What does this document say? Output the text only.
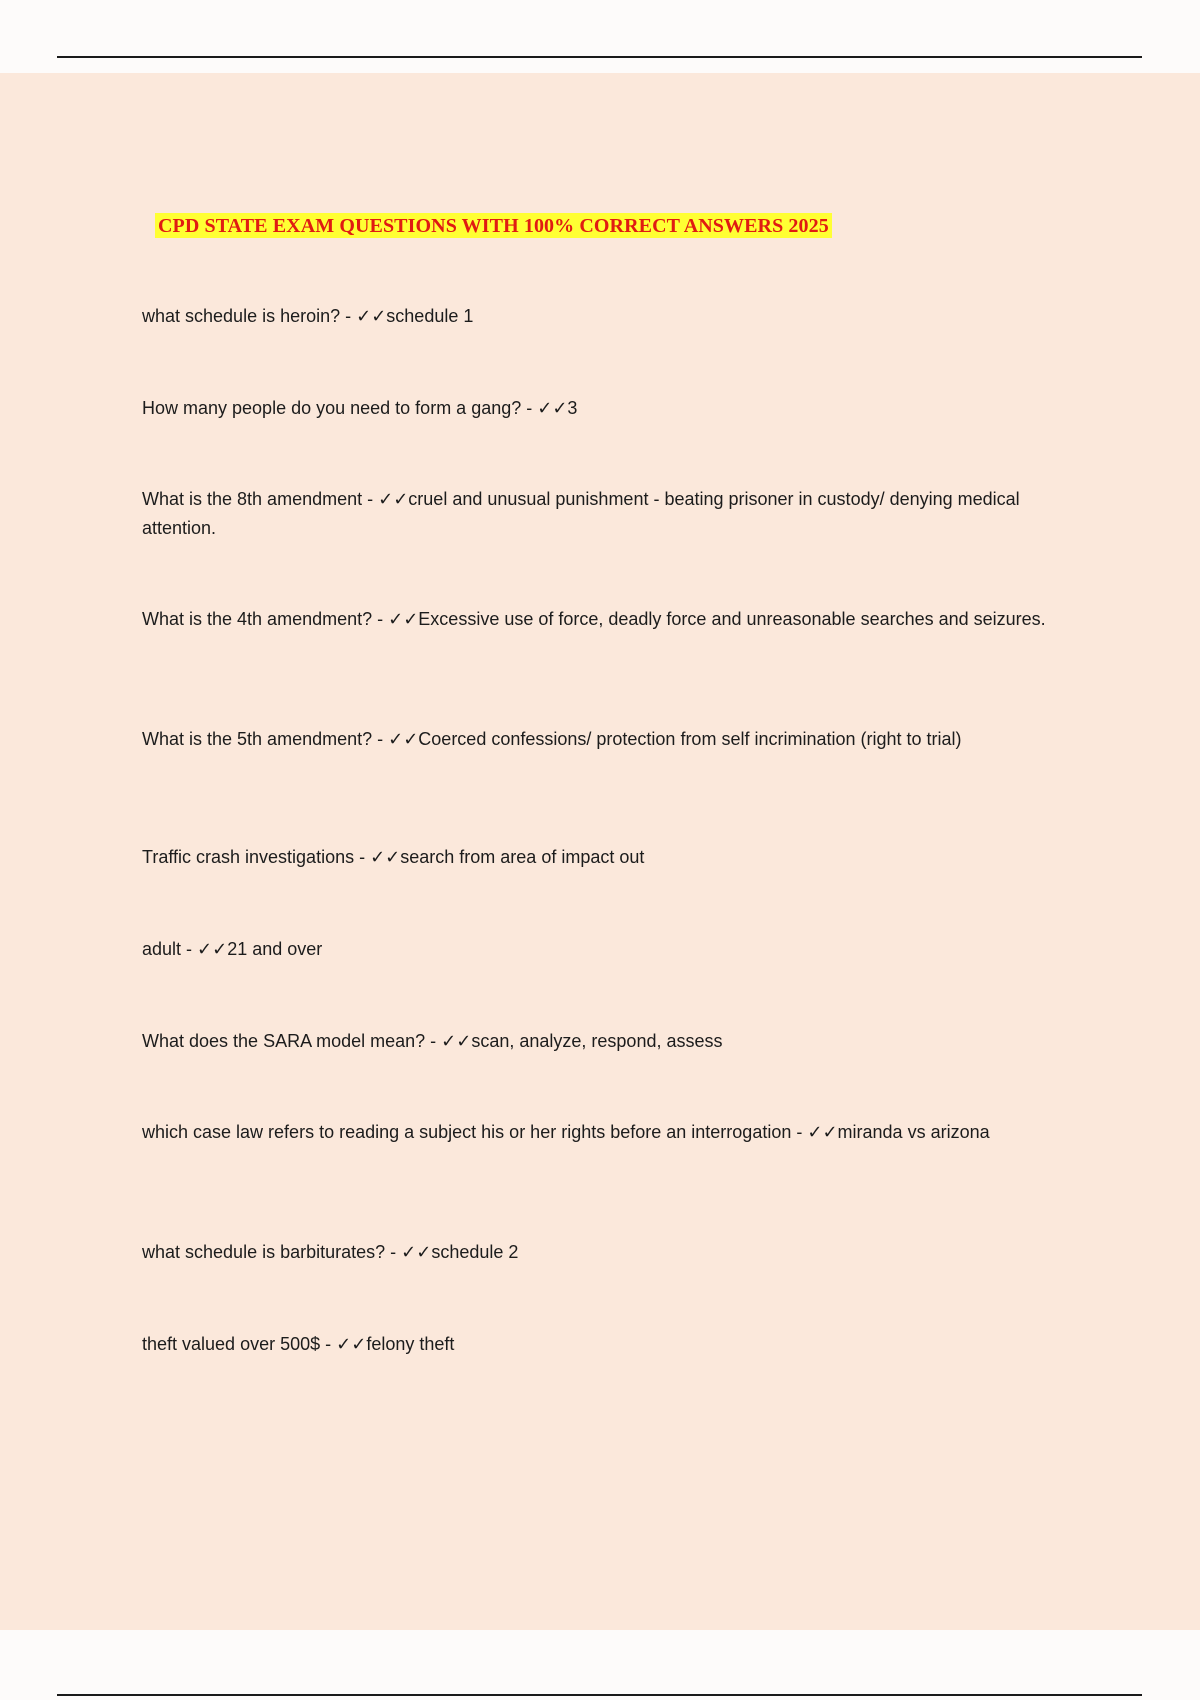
CPD STATE EXAM QUESTIONS WITH 100% CORRECT ANSWERS 2025
what schedule is heroin? - ✓✓schedule 1
How many people do you need to form a gang? - ✓✓3
What is the 8th amendment - ✓✓cruel and unusual punishment - beating prisoner in custody/ denying medical attention.
What is the 4th amendment? - ✓✓Excessive use of force, deadly force and unreasonable searches and seizures.
What is the 5th amendment? - ✓✓Coerced confessions/ protection from self incrimination (right to trial)
Traffic crash investigations - ✓✓search from area of impact out
adult - ✓✓21 and over
What does the SARA model mean? - ✓✓scan, analyze, respond, assess
which case law refers to reading a subject his or her rights before an interrogation - ✓✓miranda vs arizona
what schedule is barbiturates? - ✓✓schedule 2
theft valued over 500$ - ✓✓felony theft
